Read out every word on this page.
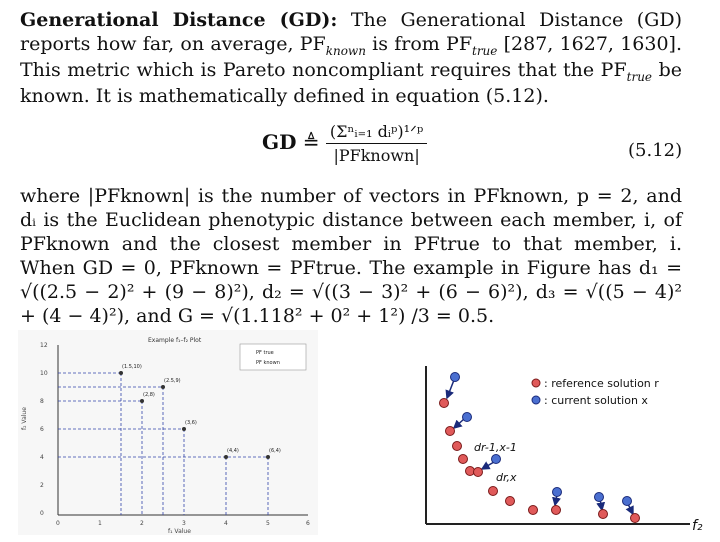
Generational Distance (GD): The Generational Distance (GD) reports how far, on average, $PF_{known}$ is from $PF_{true}$ [287, 1627, 1630]. This metric which is Pareto noncompliant requires that the $PF_{true}$ be known. It is mathematically defined in equation (5.12).
GD ≜ $\frac{\text{(Σⁿᵢ₌₁ dᵢᵖ)¹ᐟᵖ}}{\text{|PFknown|}}$	(5.12)
where |PFknown| is the number of vectors in PFknown, p = 2, and dᵢ is the Euclidean phenotypic distance between each member, i, of PFknown and the closest member in PFtrue to that member, i. When GD = 0, PFknown = PFtrue. The example in Figure has d₁ = √((2.5 − 2)² + (9 − 8)²), d₂ = √((3 − 3)² + (6 − 6)²), d₃ = √((5 − 4)² + (4 − 4)²), and G = √(1.118² + 0² + 1²) /3 = 0.5.
Example f₁–f₂ Plot
12
10
8
6
4
2
0
0	1	2	3	4	5	6
f₁ Value
f₂ Value
(1.5,10)
(2.5,9)
(2,8)
(3,6)
(4,4)	(6,4)
PF true
PF known
f₂
: reference solution r
: current solution x
dr-1,x-1
dr,x
